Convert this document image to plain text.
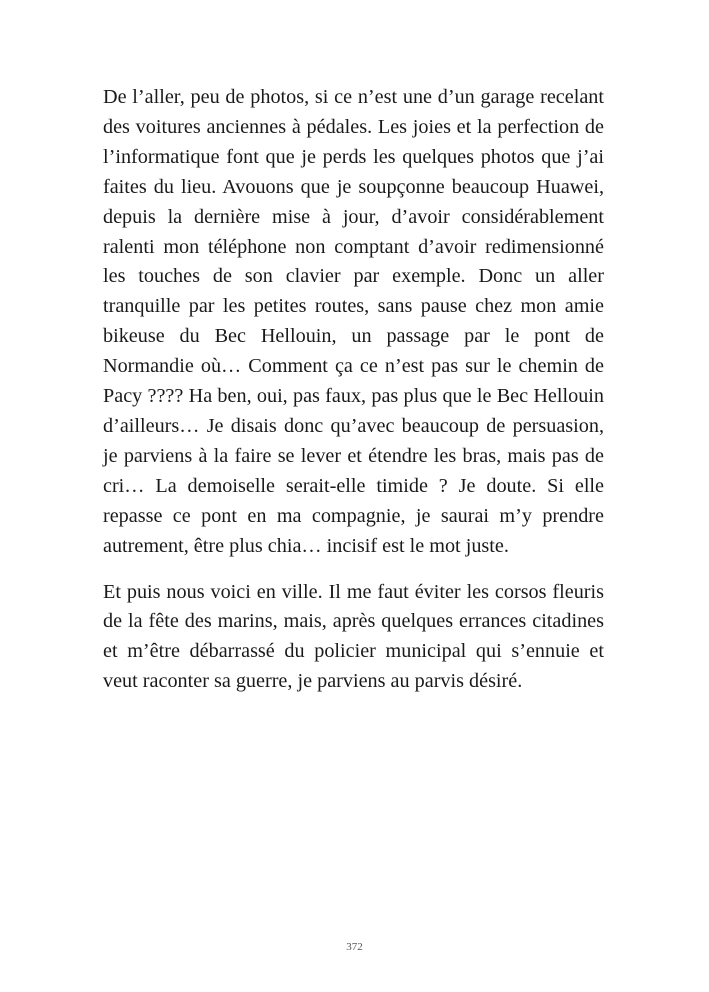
De l’aller, peu de photos, si ce n’est une d’un garage recelant des voitures anciennes à pédales. Les joies et la perfection de l’informatique font que je perds les quelques photos que j’ai faites du lieu. Avouons que je soupçonne beaucoup Huawei, depuis la dernière mise à jour, d’avoir considérablement ralenti mon téléphone non comptant d’avoir redimensionné les touches de son clavier par exemple. Donc un aller tranquille par les petites routes, sans pause chez mon amie bikeuse du Bec Hellouin, un passage par le pont de Normandie où… Comment ça ce n’est pas sur le chemin de Pacy ???? Ha ben, oui, pas faux, pas plus que le Bec Hellouin d’ailleurs… Je disais donc qu’avec beaucoup de persuasion, je parviens à la faire se lever et étendre les bras, mais pas de cri… La demoiselle serait-elle timide ? Je doute. Si elle repasse ce pont en ma compagnie, je saurai m’y prendre autrement, être plus chia… incisif est le mot juste.

Et puis nous voici en ville. Il me faut éviter les corsos fleuris de la fête des marins, mais, après quelques errances citadines et m’être débarrassé du policier municipal qui s’ennuie et veut raconter sa guerre, je parviens au parvis désiré.

372
